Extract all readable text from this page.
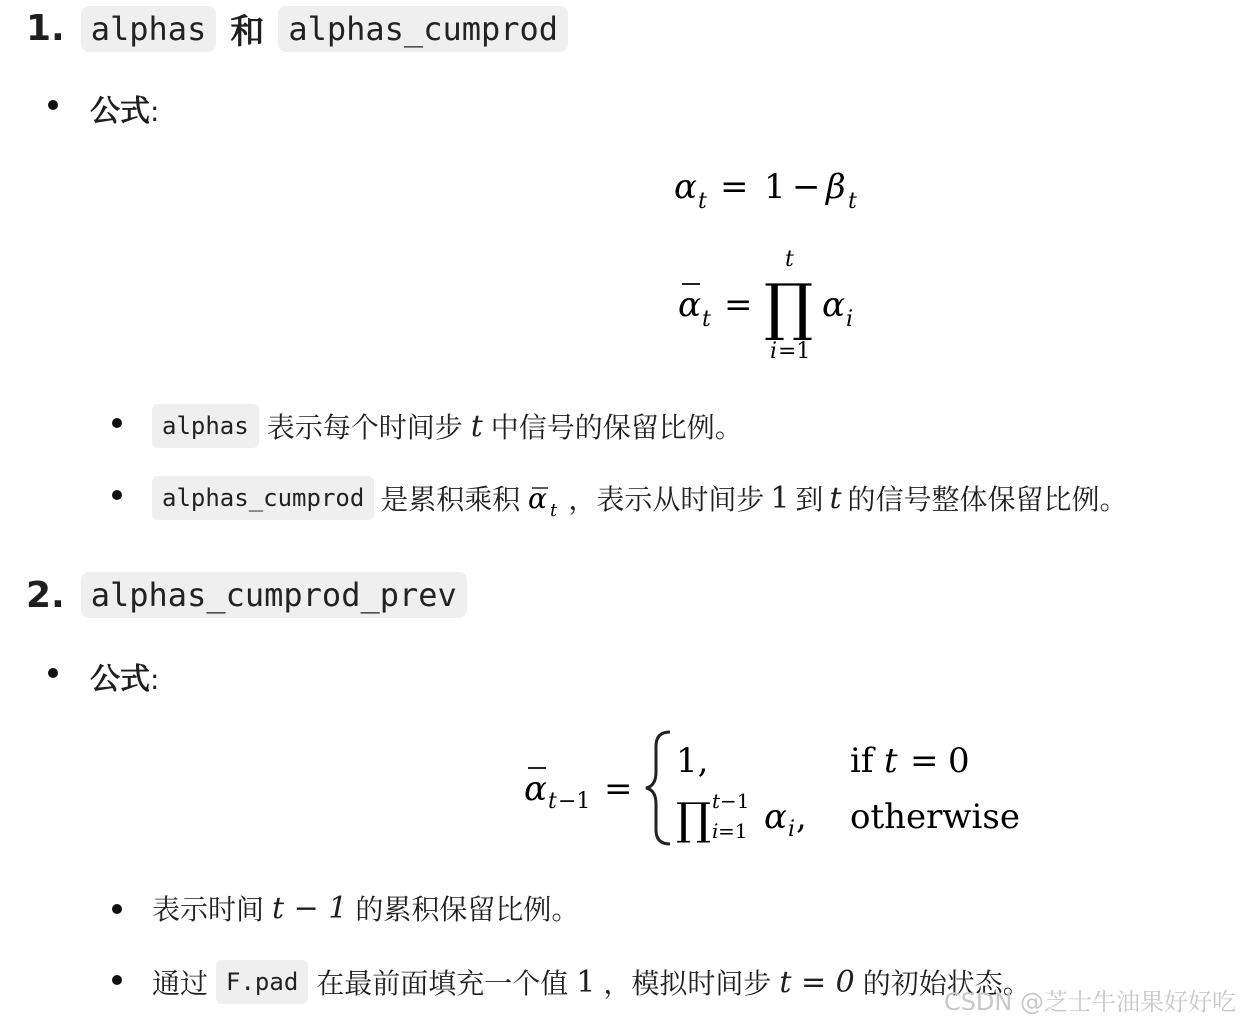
1. alphas 和 alphas_cumprod
公式:
α t = 1 − β t
α t =
t
∏
i =1
α i
alphas 表示每个时间步 t 中信号的保留比例。
alphas_cumprod 是累积乘积 α t ，表示从时间步 1 到 t 的信号整体保留比例。
2. alphas_cumprod_prev
公式:
α t −1 =
1,	if t = 0
∏ t −1
i =1 α i , otherwise
表示时间 t − 1 的累积保留比例。
通过 F.pad 在最前面填充一个值 1 ，模拟时间步 t = 0 的初始状态。
CSDN @芝士牛油果好好吃
